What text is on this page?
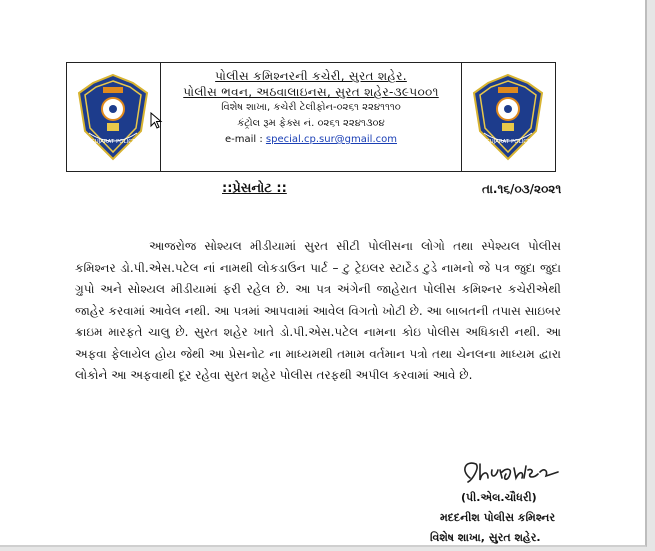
GUJARAT POLICE
પોલીસ કમિશ્નરની કચેરી, સુરત શહેર.
પોલીસ ભવન, અઠવાલાઇનસ, સુરત શહેર-૩૯૫૦૦૧
વિશેષ શાખા, કચેરી ટેલીફોન-૦૨૬૧ ૨૨૪૧૧૧૦
કંટ્રોલ રૂમ ફેક્સ નં. ૦૨૬૧ ૨૨૪૧૩૦૪
e-mail : special.cp.sur@gmail.com	GUJARAT POLICE
::પ્રેસનોટ ::	તા.૧૬/૦૩/૨૦૨૧
આજરોજ સોશ્યલ મીડીયામાં સુરત સીટી પોલીસના લોગો તથા સ્પેશ્યલ પોલીસ કમિશ્નર ડો.પી.એસ.પટેલ નાં નામથી લોકડાઉન પાર્ટ – ટુ ટ્રેઇલર સ્ટાર્ટેડ ટુડે નામનો જે પત્ર જુદા જુદા ગ્રુપો અને સોશ્યલ મીડીયામાં ફરી રહેલ છે. આ પત્ર અંગેની જાહેરાત પોલીસ કમિશ્નર કચેરીએથી જાહેર કરવામાં આવેલ નથી. આ પત્રમાં આપવામાં આવેલ વિગતો ખોટી છે. આ બાબતની તપાસ સાઇબર ક્રાઇમ મારફતે ચાલુ છે. સુરત શહેર ખાતે ડો.પી.એસ.પટેલ નામના કોઇ પોલીસ અધિકારી નથી. આ અફવા ફેલાયેલ હોય જેથી આ પ્રેસનોટ ના માધ્યમથી તમામ વર્તમાન પત્રો તથા ચેનલના માધ્યમ દ્વારા લોકોને આ અફવાથી દૂર રહેવા સુરત શહેર પોલીસ તરફથી અપીલ કરવામાં આવે છે.
(પી.એલ.ચૌધરી)
મદદનીશ પોલીસ કમિશ્નર
વિશેષ શાખા, સુરત શહેર.
